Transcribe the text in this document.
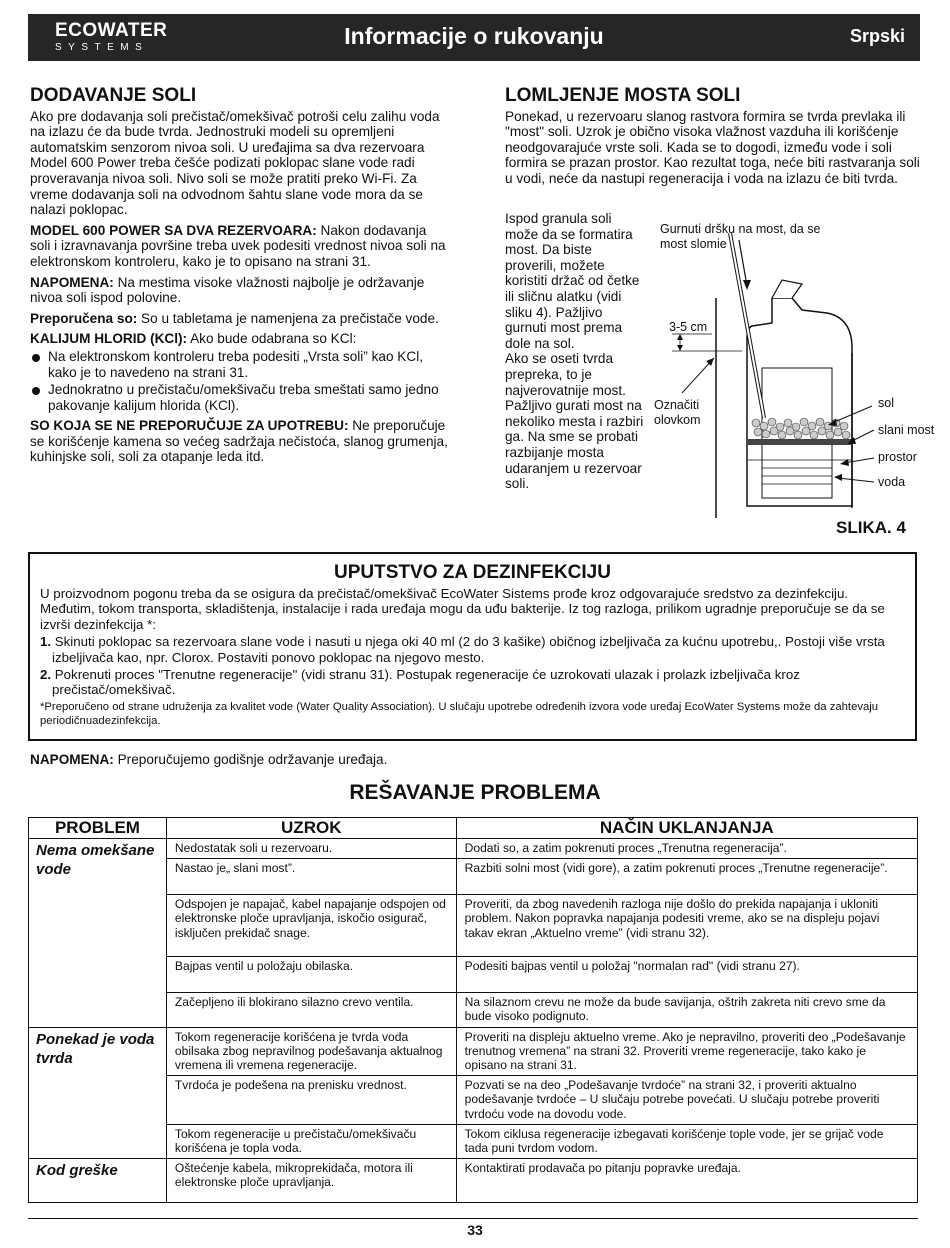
ECOWATER
SYSTEMS	Informacije o rukovanju	Srpski
DODAVANJE SOLI

Ako pre dodavanja soli prečistač/omekšivač potroši celu zalihu voda na izlazu će da bude tvrda. Jednostruki modeli su opremljeni automatskim senzorom nivoa soli. U uređajima sa dva rezervoara Model 600 Power treba češće podizati poklopac slane vode radi proveravanja nivoa soli. Nivo soli se može pratiti preko Wi-Fi. Za vreme dodavanja soli na odvodnom šahtu slane vode mora da se nalazi poklopac.

MODEL 600 POWER SA DVA REZERVOARA: Nakon dodavanja soli i izravnavanja površine treba uvek podesiti vrednost nivoa soli na elektronskom kontroleru, kako je to opisano na strani 31.

NAPOMENA: Na mestima visoke vlažnosti najbolje je održavanje nivoa soli ispod polovine.

Preporučena so: So u tabletama je namenjena za prečistače vode.

KALIJUM HLORID (KCl): Ako bude odabrana so KCl:

Na elektronskom kontroleru treba podesiti „Vrsta soli” kao KCl, kako je to navedeno na strani 31.
Jednokratno u prečistaču/omekšivaču treba smeštati samo jedno pakovanje kalijum hlorida (KCl).

SO KOJA SE NE PREPORUČUJE ZA UPOTREBU: Ne preporučuje se korišćenje kamena so većeg sadržaja nečistoća, slanog grumenja, kuhinjske soli, soli za otapanje leda itd.

LOMLJENJE MOSTA SOLI

Ponekad, u rezervoaru slanog rastvora formira se tvrda prevlaka ili "most" soli. Uzrok je obično visoka vlažnost vazduha ili korišćenje neodgovarajuće vrste soli. Kada se to dogodi, između vode i soli formira se prazan prostor. Kao rezultat toga, neće biti rastvaranja soli u vodi, neće da nastupi regeneracija i voda na izlazu će biti tvrda.

Ispod granula soli može da se formatira most. Da biste proverili, možete koristiti držač od četke ili sličnu alatku (vidi sliku 4). Pažljivo gurnuti most prema dole na sol.

Ako se oseti tvrda prepreka, to je najverovatnije most. Pažljivo gurati most na nekoliko mesta i razbiri ga. Na sme se probati razbijanje mosta udaranjem u rezervoar soli.

Gurnuti dršku na most, da se most slomie
3-5 cm
Označiti olovkom
sol
slani most
prostor
voda
SLIKA. 4
UPUTSTVO ZA DEZINFEKCIJU

U proizvodnom pogonu treba da se osigura da prečistač/omekšivač EcoWater Sistems prođe kroz odgovarajuće sredstvo za dezinfekciju. Međutim, tokom transporta, skladištenja, instalacije i rada uređaja mogu da uđu bakterije. Iz tog razloga, prilikom ugradnje preporučuje se da se izvrši dezinfekcija *:

1. Skinuti poklopac sa rezervoara slane vode i nasuti u njega oki 40 ml (2 do 3 kašike) običnog izbeljivača za kućnu upotrebu,. Postoji više vrsta izbeljivača kao, npr. Clorox. Postaviti ponovo poklopac na njegovo mesto.

2. Pokrenuti proces "Trenutne regeneracije" (vidi stranu 31). Postupak regeneracije će uzrokovati ulazak i prolazk izbeljivača kroz prečistač/omekšivač.

*Preporučeno od strane udruženja za kvalitet vode (Water Quality Association). U slučaju upotrebe određenih izvora vode uređaj EcoWater Systems može da zahtevaju periodičnuadezinfekcija.

NAPOMENA: Preporučujemo godišnje održavanje uređaja.
REŠAVANJE PROBLEMA
PROBLEM	UZROK	NAČIN UKLANJANJA
Nema omekšane vode	Nedostatak soli u rezervoaru.	Dodati so, a zatim pokrenuti proces „Trenutna regeneracija”.
	Nastao je„ slani most”.	Razbiti solni most (vidi gore), a zatim pokrenuti proces „Trenutne regeneracije”.
	Odspojen je napajač, kabel napajanje odspojen od elektronske ploče upravljanja, iskočio osigurač, isključen prekidač snage.	Proveriti, da zbog navedenih razloga nije došlo do prekida napajanja i ukloniti problem. Nakon popravka napajanja podesiti vreme, ako se na displeju pojavi takav ekran „Aktuelno vreme” (vidi stranu 32).
	Bajpas ventil u položaju obilaska.	Podesiti bajpas ventil u položaj "normalan rad" (vidi stranu 27).
	Začepljeno ili blokirano silazno crevo ventila.	Na silaznom crevu ne može da bude savijanja, oštrih zakreta niti crevo sme da bude visoko podignuto.
Ponekad je voda tvrda	Tokom regeneracije korišćena je tvrda voda obilsaka zbog nepravilnog podešavanja aktualnog vremena ili vremena regeneracije.	Proveriti na displeju aktuelno vreme. Ako je nepravilno, proveriti deo „Podešavanje trenutnog vremena” na strani 32. Proveriti vreme regeneracije, tako kako je opisano na strani 31.
	Tvrdoća je podešena na prenisku vrednost.	Pozvati se na deo „Podešavanje tvrdoće” na strani 32, i proveriti aktualno podešavanje tvrdoće – U slučaju potrebe povećati. U slučaju potrebe proveriti tvrdoću vode na dovodu vode.
	Tokom regeneracije u prečistaču/omekšivaču korišćena je topla voda.	Tokom ciklusa regeneracije izbegavati korišćenje tople vode, jer se grijač vode tada puni tvrdom vodom.
Kod greške	Oštećenje kabela, mikroprekidača, motora ili elektronske ploče upravljanja.	Kontaktirati prodavača po pitanju popravke uređaja.
33
